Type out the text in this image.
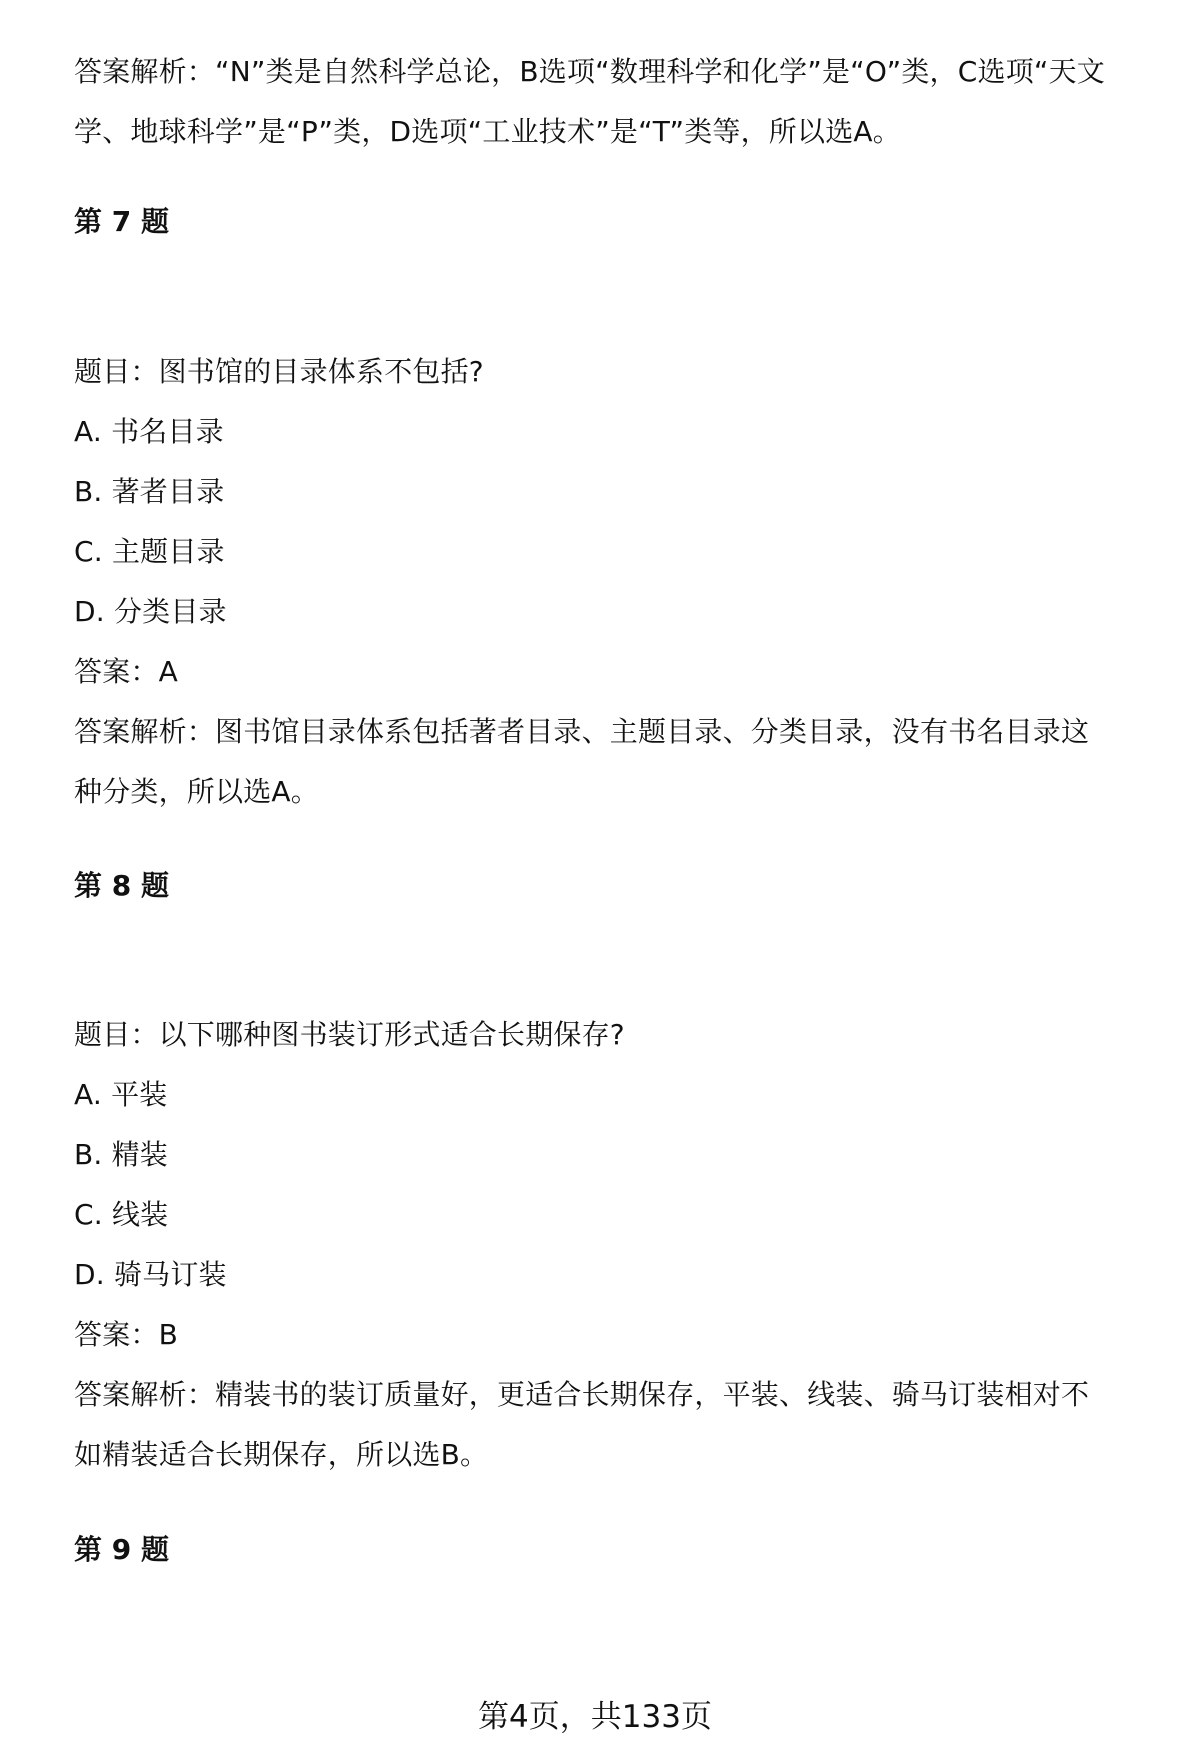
答案解析：“N”类是自然科学总论，B选项“数理科学和化学”是“O”类，C选项“天文
学、地球科学”是“P”类，D选项“工业技术”是“T”类等，所以选A。
第 7 题
题目：图书馆的目录体系不包括?
A. 书名目录
B. 著者目录
C. 主题目录
D. 分类目录
答案：A
答案解析：图书馆目录体系包括著者目录、主题目录、分类目录，没有书名目录这
种分类，所以选A。
第 8 题
题目：以下哪种图书装订形式适合长期保存?
A. 平装
B. 精装
C. 线装
D. 骑马订装
答案：B
答案解析：精装书的装订质量好，更适合长期保存，平装、线装、骑马订装相对不
如精装适合长期保存，所以选B。
第 9 题
第4页，共133页
